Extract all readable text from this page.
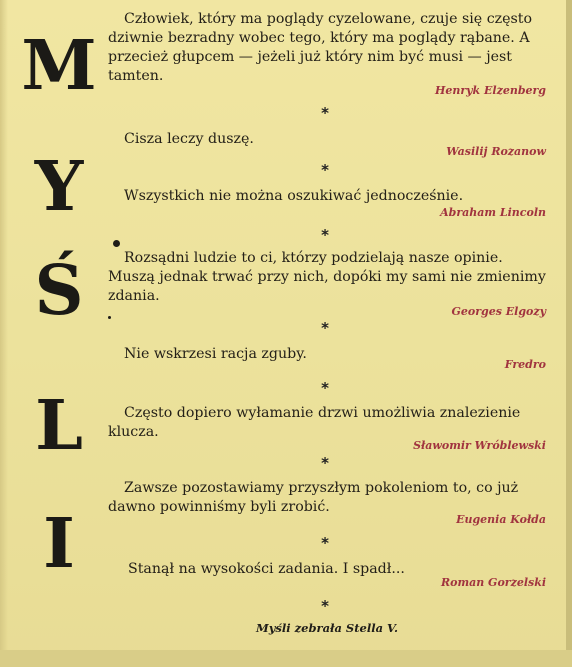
M
Y
Ś
L
I
Człowiek, który ma poglądy cyzelowane, czuje się często dziwnie bezradny wobec tego, który ma poglądy rąbane. A przecież głupcem — jeżeli już który nim być musi — jest tamten.
Henryk Elzenberg
*
Cisza leczy duszę.
Wasilij Rozanow
*
Wszystkich nie można oszukiwać jednocześnie.
Abraham Lincoln
*
Rozsądni ludzie to ci, którzy podzielają nasze opinie. Muszą jednak trwać przy nich, dopóki my sami nie zmienimy zdania.
Georges Elgozy
*
Nie wskrzesi racja zguby.
Fredro
*
Często dopiero wyłamanie drzwi umożliwia znalezienie klucza.
Sławomir Wróblewski
*
Zawsze pozostawiamy przyszłym pokoleniom to, co już dawno powinniśmy byli zrobić.
Eugenia Kołda
*
Stanął na wysokości zadania. I spadł...
Roman Gorzelski
*
Myśli zebrała Stella V.
